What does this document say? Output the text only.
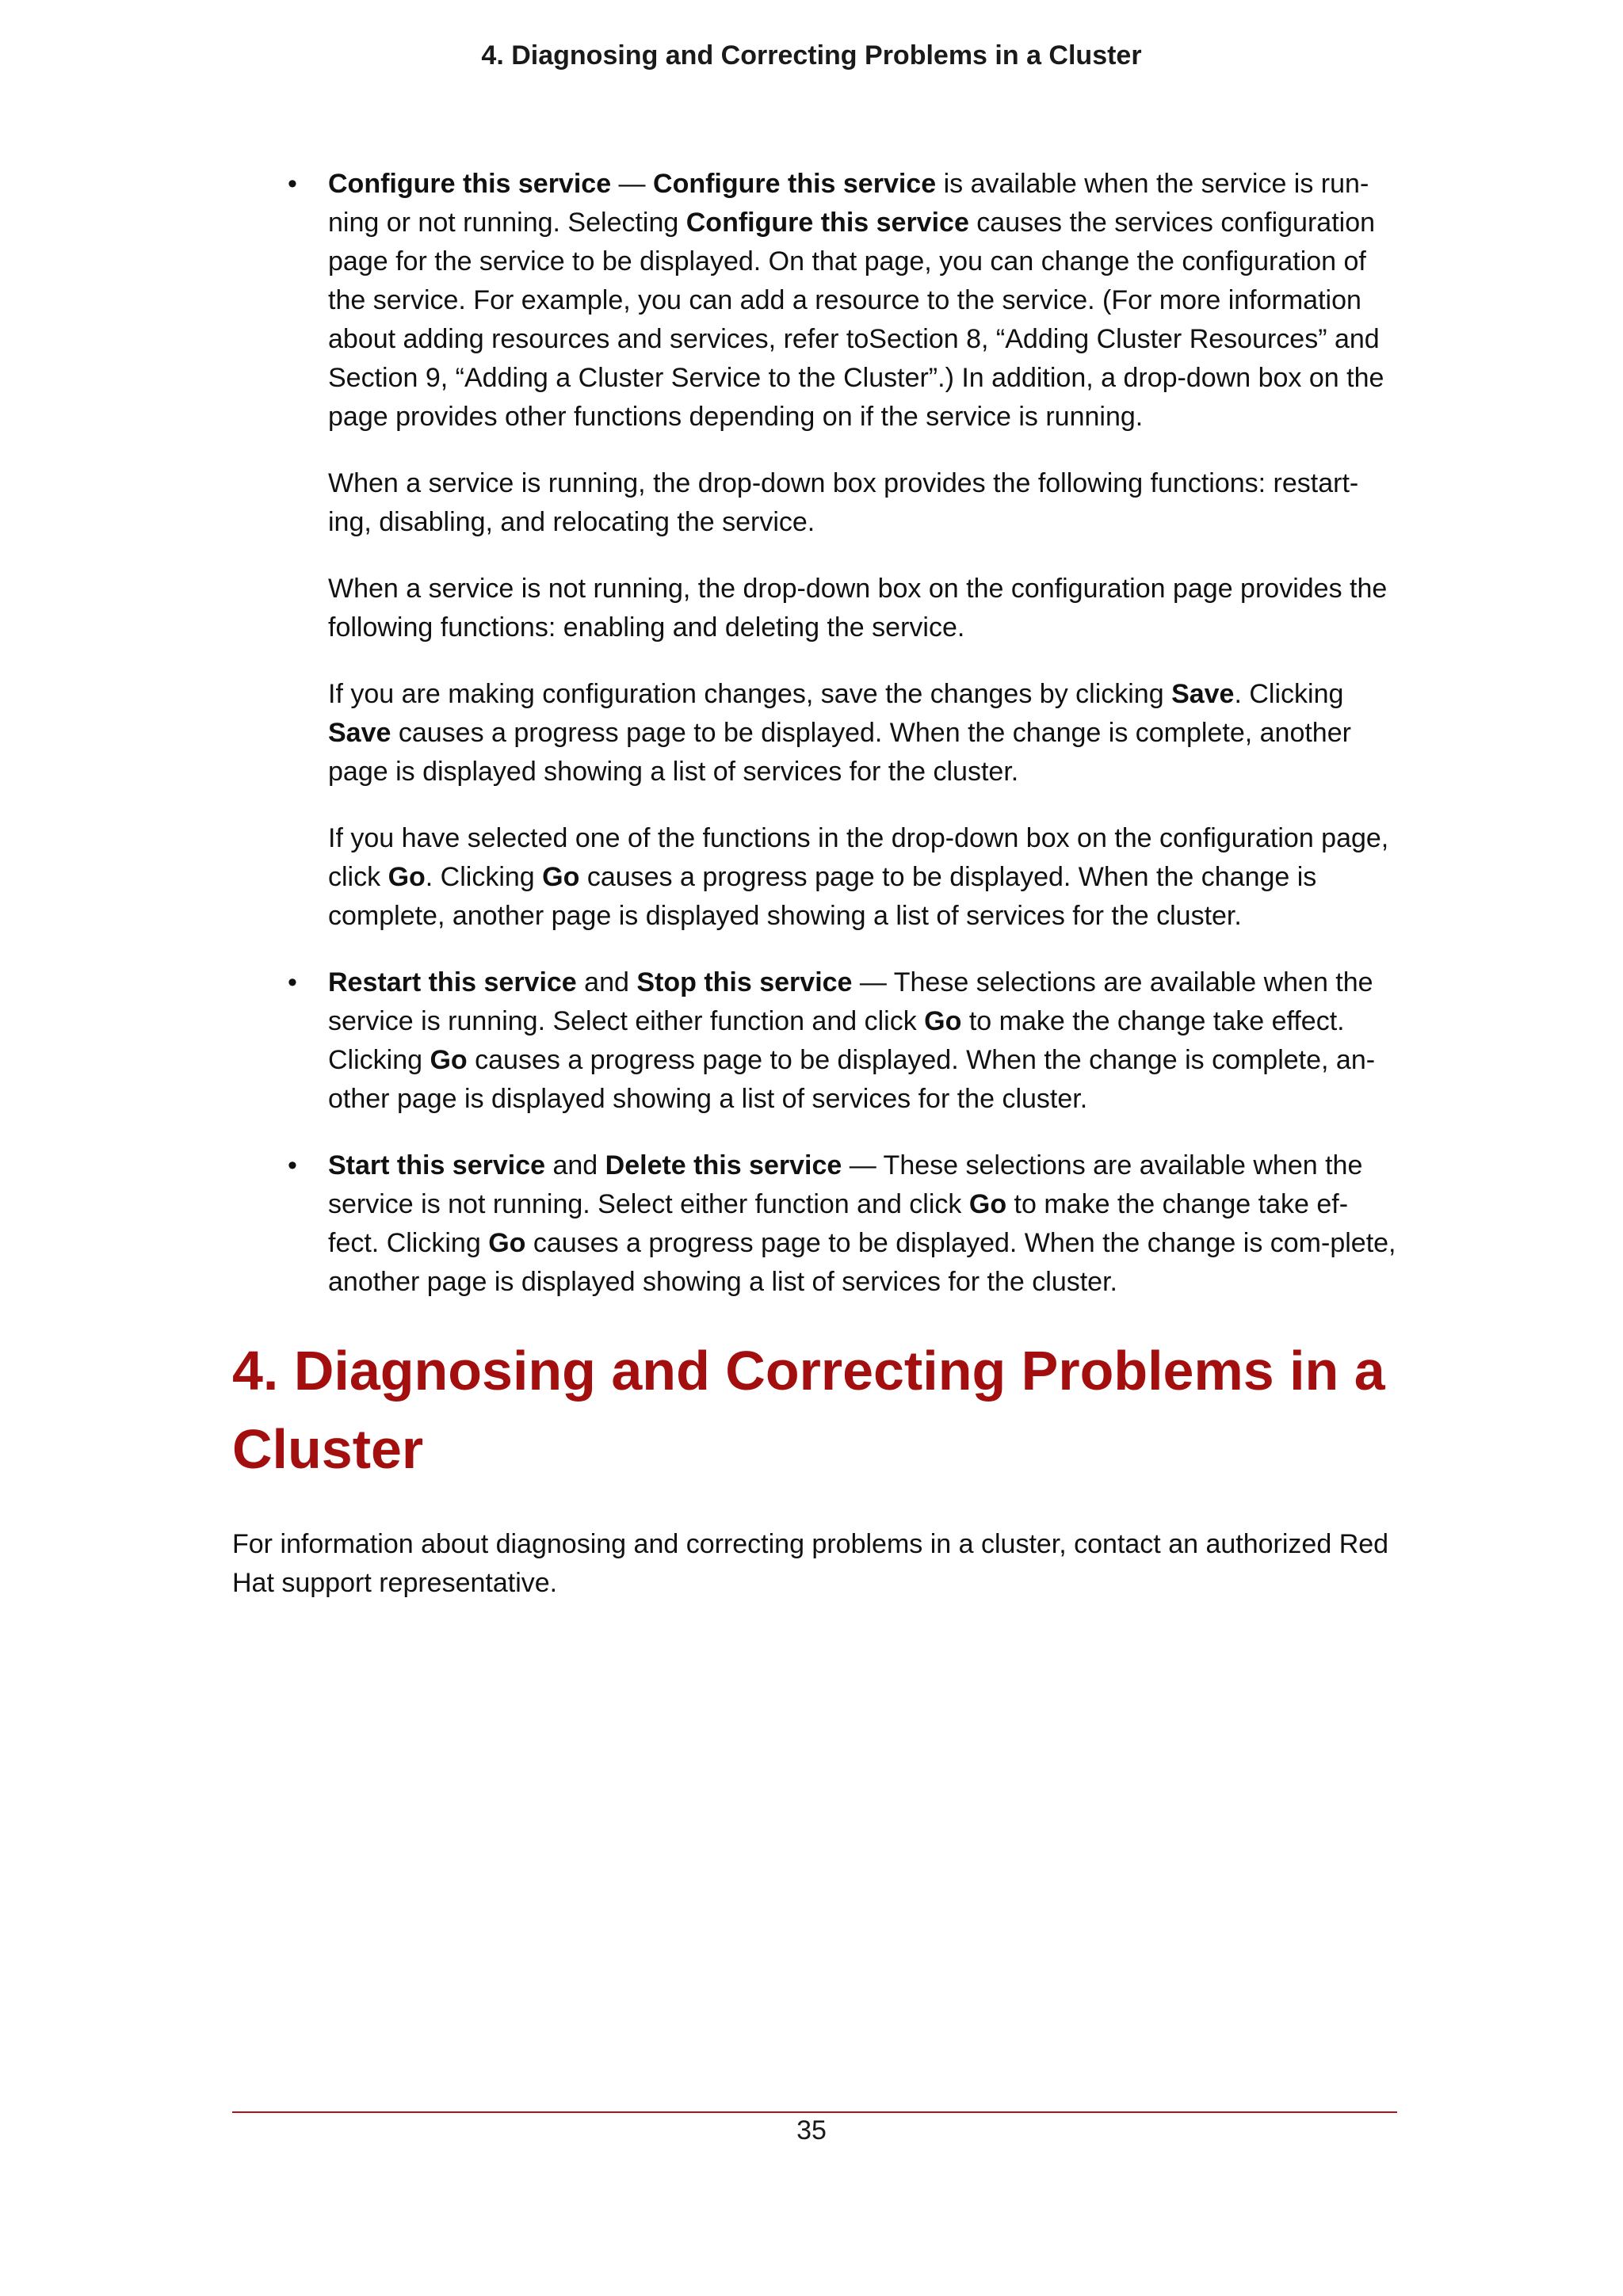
4. Diagnosing and Correcting Problems in a Cluster
•	Configure this service — Configure this service is available when the service is run-ning or not running. Selecting Configure this service causes the services configuration page for the service to be displayed. On that page, you can change the configuration of the service. For example, you can add a resource to the service. (For more information about adding resources and services, refer toSection 8, “Adding Cluster Resources” and Section 9, “Adding a Cluster Service to the Cluster”.) In addition, a drop-down box on the page provides other functions depending on if the service is running.

When a service is running, the drop-down box provides the following functions: restart-ing, disabling, and relocating the service.

When a service is not running, the drop-down box on the configuration page provides the following functions: enabling and deleting the service.

If you are making configuration changes, save the changes by clicking Save. Clicking Save causes a progress page to be displayed. When the change is complete, another page is displayed showing a list of services for the cluster.

If you have selected one of the functions in the drop-down box on the configuration page, click Go. Clicking Go causes a progress page to be displayed. When the change is complete, another page is displayed showing a list of services for the cluster.

•	Restart this service and Stop this service — These selections are available when the service is running. Select either function and click Go to make the change take effect. Clicking Go causes a progress page to be displayed. When the change is complete, an-other page is displayed showing a list of services for the cluster.

•	Start this service and Delete this service — These selections are available when the service is not running. Select either function and click Go to make the change take ef-fect. Clicking Go causes a progress page to be displayed. When the change is com-plete, another page is displayed showing a list of services for the cluster.

4. Diagnosing and Correcting Problems in a Cluster

For information about diagnosing and correcting problems in a cluster, contact an authorized Red Hat support representative.

35
